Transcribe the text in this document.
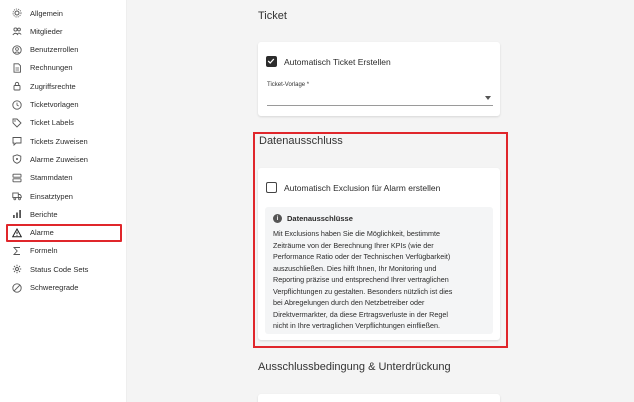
Allgemein
Mitglieder
Benutzerrollen
Rechnungen
Zugriffsrechte
Ticketvorlagen
Ticket Labels
Tickets Zuweisen
Alarme Zuweisen
Stammdaten
Einsatztypen
Berichte
Alarme
Formeln
Status Code Sets
Schweregrade
Ticket
Automatisch Ticket Erstellen
Ticket-Vorlage *
Datenausschluss
Automatisch Exclusion für Alarm erstellen
i	Datenausschlüsse
Mit Exclusions haben Sie die Möglichkeit, bestimmte
Zeiträume von der Berechnung Ihrer KPIs (wie der
Performance Ratio oder der Technischen Verfügbarkeit)
auszuschließen. Dies hilft Ihnen, Ihr Monitoring und
Reporting präzise und entsprechend Ihrer vertraglichen
Verpflichtungen zu gestalten. Besonders nützlich ist dies
bei Abregelungen durch den Netzbetreiber oder
Direktvermarkter, da diese Ertragsverluste in der Regel
nicht in Ihre vertraglichen Verpflichtungen einfließen.
Ausschlussbedingung & Unterdrückung
